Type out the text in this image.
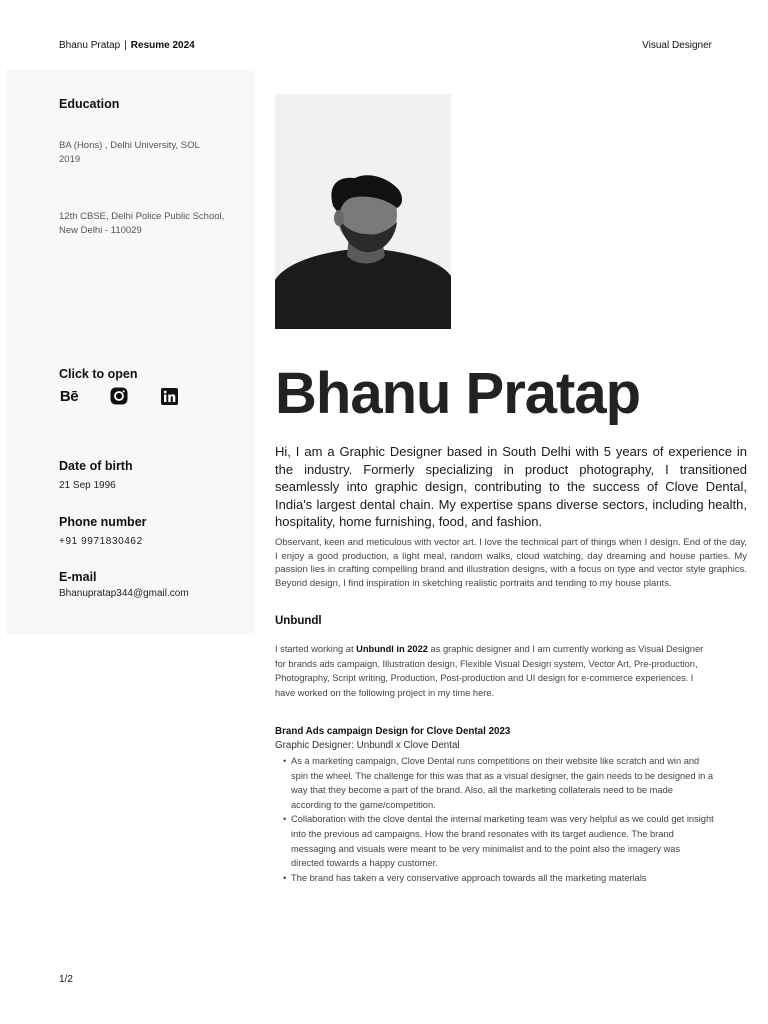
Bhanu Pratap | Resume 2024	Visual Designer
Education
BA (Hons) , Delhi University, SOL
2019
12th CBSE, Delhi Police Public School,
New Delhi - 110029
Click to open
Bē
Date of birth
21 Sep 1996
Phone number
+91 9971830462
E-mail
Bhanupratap344@gmail.com
Bhanu Pratap
Hi, I am a Graphic Designer based in South Delhi with 5 years of experience in the industry. Formerly specializing in product photography, I transitioned seamlessly into graphic design, contributing to the success of Clove Dental, India's largest dental chain. My expertise spans diverse sectors, including health, hospitality, home furnishing, food, and fashion.
Observant, keen and meticulous with vector art. I love the technical part of things when I design. End of the day, I enjoy a good production, a light meal, random walks, cloud watching, day dreaming and house parties. My passion lies in crafting compelling brand and illustration designs, with a focus on type and vector style graphics. Beyond design, I find inspiration in sketching realistic portraits and tending to my house plants.
Unbundl
I started working at Unbundl in 2022 as graphic designer and I am currently working as Visual Designer for brands ads campaign, Illustration design, Flexible Visual Design system, Vector Art, Pre-production, Photography, Script writing, Production, Post-production and UI design for e-commerce experiences. I have worked on the following project in my time here.
Brand Ads campaign Design for Clove Dental 2023
Graphic Designer: Unbundl x Clove Dental
• As a marketing campaign, Clove Dental runs competitions on their website like scratch and win and spin the wheel. The challenge for this was that as a visual designer, the gain needs to be designed in a way that they become a part of the brand. Also, all the marketing collaterals need to be made according to the game/competition.
• Collaboration with the clove dental the internal marketing team was very helpful as we could get insight into the previous ad campaigns. How the brand resonates with its target audience. The brand messaging and visuals were meant to be very minimalist and to the point also the imagery was directed towards a happy customer.
• The brand has taken a very conservative approach towards all the marketing materials
1/2
